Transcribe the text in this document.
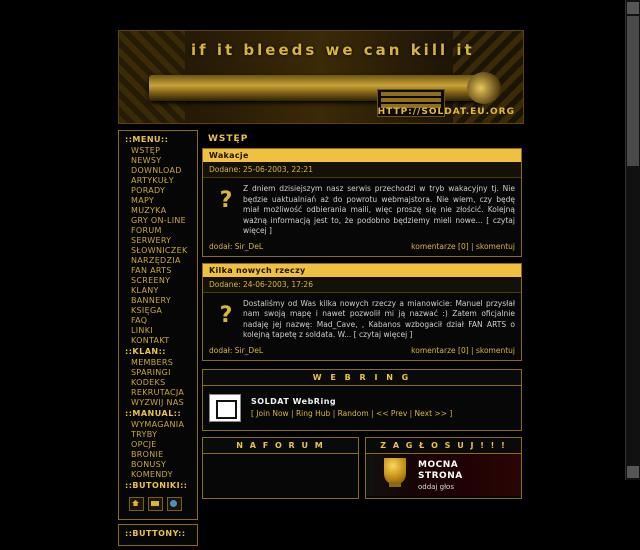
if it bleeds we can kill it
HTTP://SOLDAT.EU.ORG
::MENU::
WSTĘP
NEWSY
DOWNLOAD
ARTYKUŁY
PORADY
MAPY
MUZYKA
GRY ON-LINE
FORUM
SERWERY
SŁOWNICZEK
NARZĘDZIA
FAN ARTS
SCREENY
KLANY
BANNERY
KSIĘGA
FAQ
LINKI
KONTAKT
::KLAN::
MEMBERS
SPARINGI
KODEKS
REKRUTACJA
WYZWIJ NAS
::MANUAL::
WYMAGANIA
TRYBY
OPCJE
BRONIE
BONUSY
KOMENDY
::BUTONIKI::
::BUTTONY::
WSTĘP
Wakacje
Dodane: 25-06-2003, 22:21
?	Z dniem dzisiejszym nasz serwis przechodzi w tryb wakacyjny tj. Nie będzie uaktualniań aż do powrotu webmajstora. Nie wiem, czy będę miał możliwość odbierania maili, więc proszę się nie złościć. Kolejną ważną informacją jest to, że podobno będziemy mieli nowe... [ czytaj więcej ]
dodał: Sir_DeL	komentarze [0] | skomentuj
Kilka nowych rzeczy
Dodane: 24-06-2003, 17:26
?	Dostaliśmy od Was kilka nowych rzeczy a mianowicie: Manuel przysłał nam swoją mapę i nawet pozwolił mi ją nazwać :) Zatem oficjalnie nadaję jej nazwę: Mad_Cave, , Kabanos wzbogacił dział FAN ARTS o kolejną tapetę z soldata. W... [ czytaj więcej ]
dodał: Sir_DeL	komentarze [0] | skomentuj
W E B R I N G
SOLDAT WebRing
[ Join Now | Ring Hub | Random | << Prev | Next >> ]
N A F O R U M	Z A G Ł O S U J ! ! !
MOCNA
STRONA
oddaj głos
